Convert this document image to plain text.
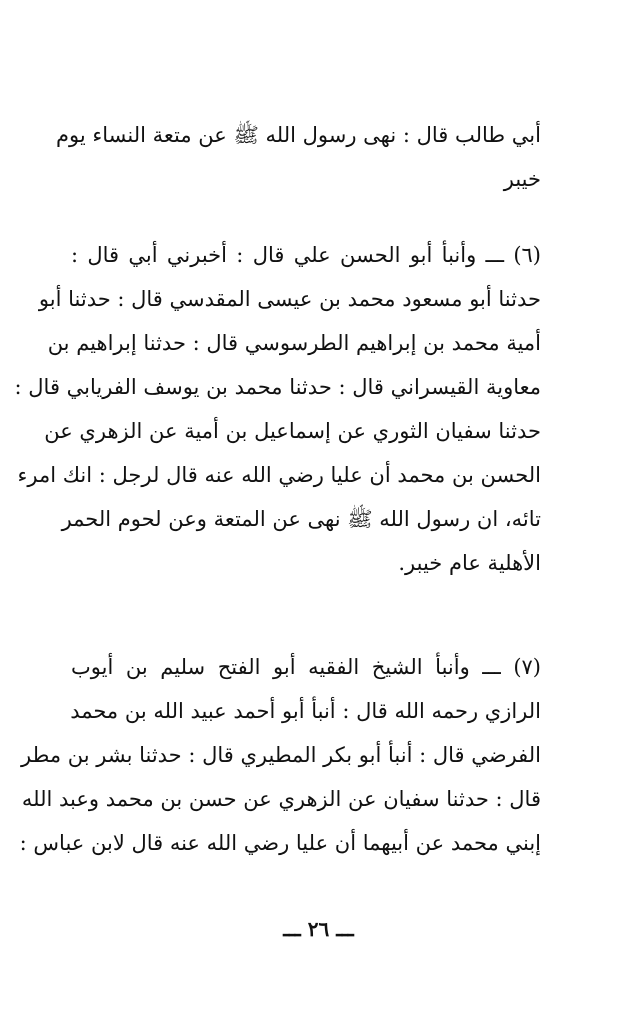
أبي طالب قال : نهى رسول الله ﷺ عن متعة النساء يوم
خيبر
(٦) ـــ وأنبأ أبو الحسن علي قال : أخبرني أبي قال :
حدثنا أبو مسعود محمد بن عيسى المقدسي قال : حدثنا أبو
أمية محمد بن إبراهيم الطرسوسي قال : حدثنا إبراهيم بن
معاوية القيسراني قال : حدثنا محمد بن يوسف الفريابي قال :
حدثنا سفيان الثوري عن إسماعيل بن أمية عن الزهري عن
الحسن بن محمد أن عليا رضي الله عنه قال لرجل : انك امرء
تائه، ان رسول الله ﷺ نهى عن المتعة وعن لحوم الحمر
الأهلية عام خيبر.
(٧) ـــ وأنبأ الشيخ الفقيه أبو الفتح سليم بن أيوب
الرازي رحمه الله قال : أنبأ أبو أحمد عبيد الله بن محمد
الفرضي قال : أنبأ أبو بكر المطيري قال : حدثنا بشر بن مطر
قال : حدثنا سفيان عن الزهري عن حسن بن محمد وعبد الله
إبني محمد عن أبيهما أن عليا رضي الله عنه قال لابن عباس :
ـــ ٢٦ ـــ
